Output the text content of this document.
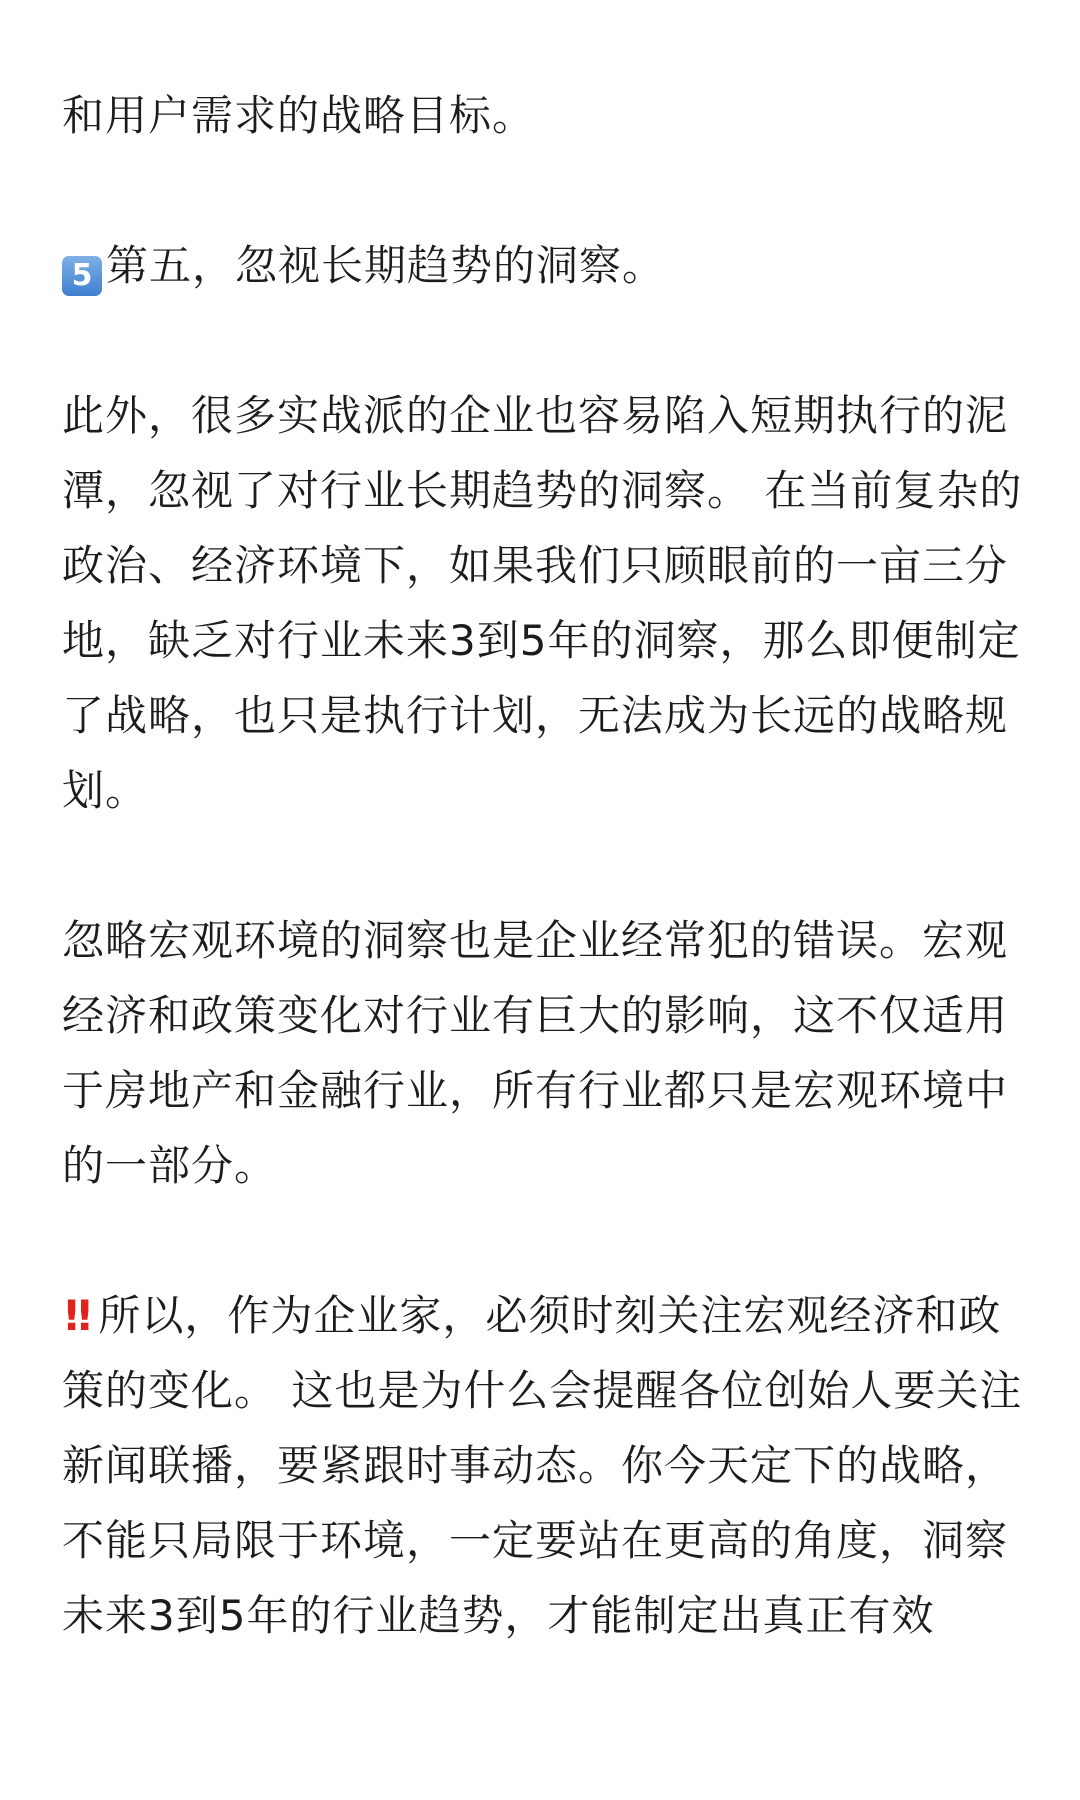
和用户需求的战略目标。

5 第五，忽视长期趋势的洞察。

此外，很多实战派的企业也容易陷入短期执行的泥潭，忽视了对行业长期趋势的洞察。 在当前复杂的政治、经济环境下，如果我们只顾眼前的一亩三分地，缺乏对行业未来3到5年的洞察，那么即便制定了战略，也只是执行计划，无法成为长远的战略规划。

忽略宏观环境的洞察也是企业经常犯的错误。宏观经济和政策变化对行业有巨大的影响，这不仅适用于房地产和金融行业，所有行业都只是宏观环境中的一部分。

!! 所以，作为企业家，必须时刻关注宏观经济和政策的变化。 这也是为什么会提醒各位创始人要关注新闻联播，要紧跟时事动态。你今天定下的战略，不能只局限于环境，一定要站在更高的角度，洞察未来3到5年的行业趋势，才能制定出真正有效
